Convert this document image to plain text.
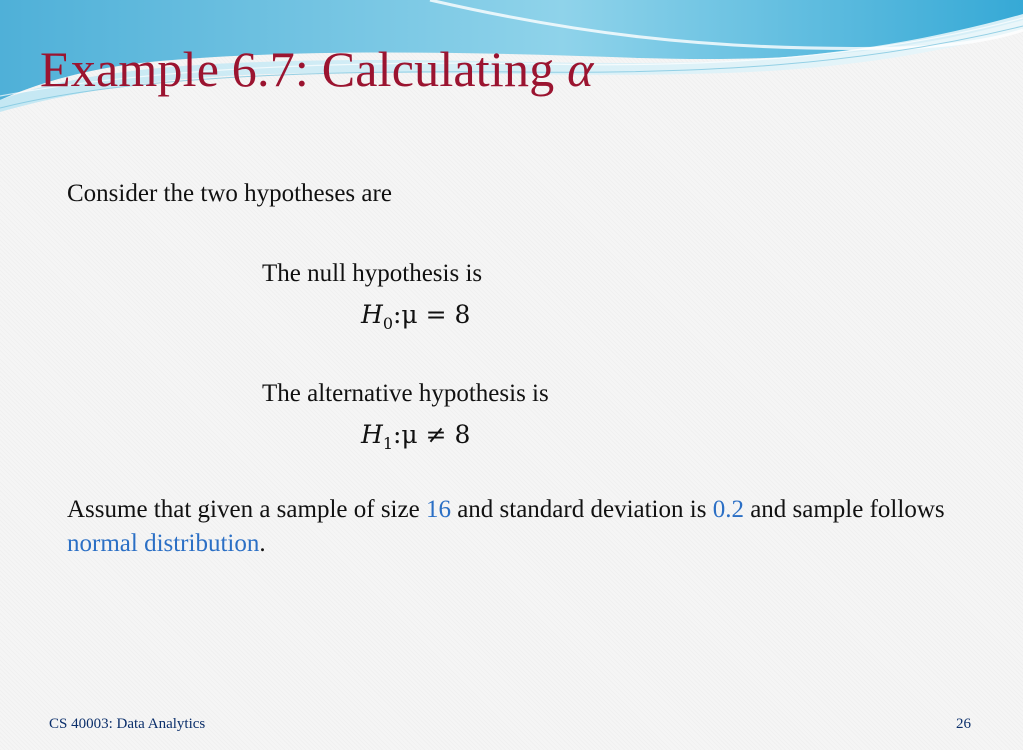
Example 6.7: Calculating α
Consider the two hypotheses are
The null hypothesis is
$H_0:\mu = 8$
The alternative hypothesis is
$H_1:\mu \ne 8$
Assume that given a sample of size 16 and standard deviation is 0.2 and sample follows normal distribution.
CS 40003: Data Analytics	26
